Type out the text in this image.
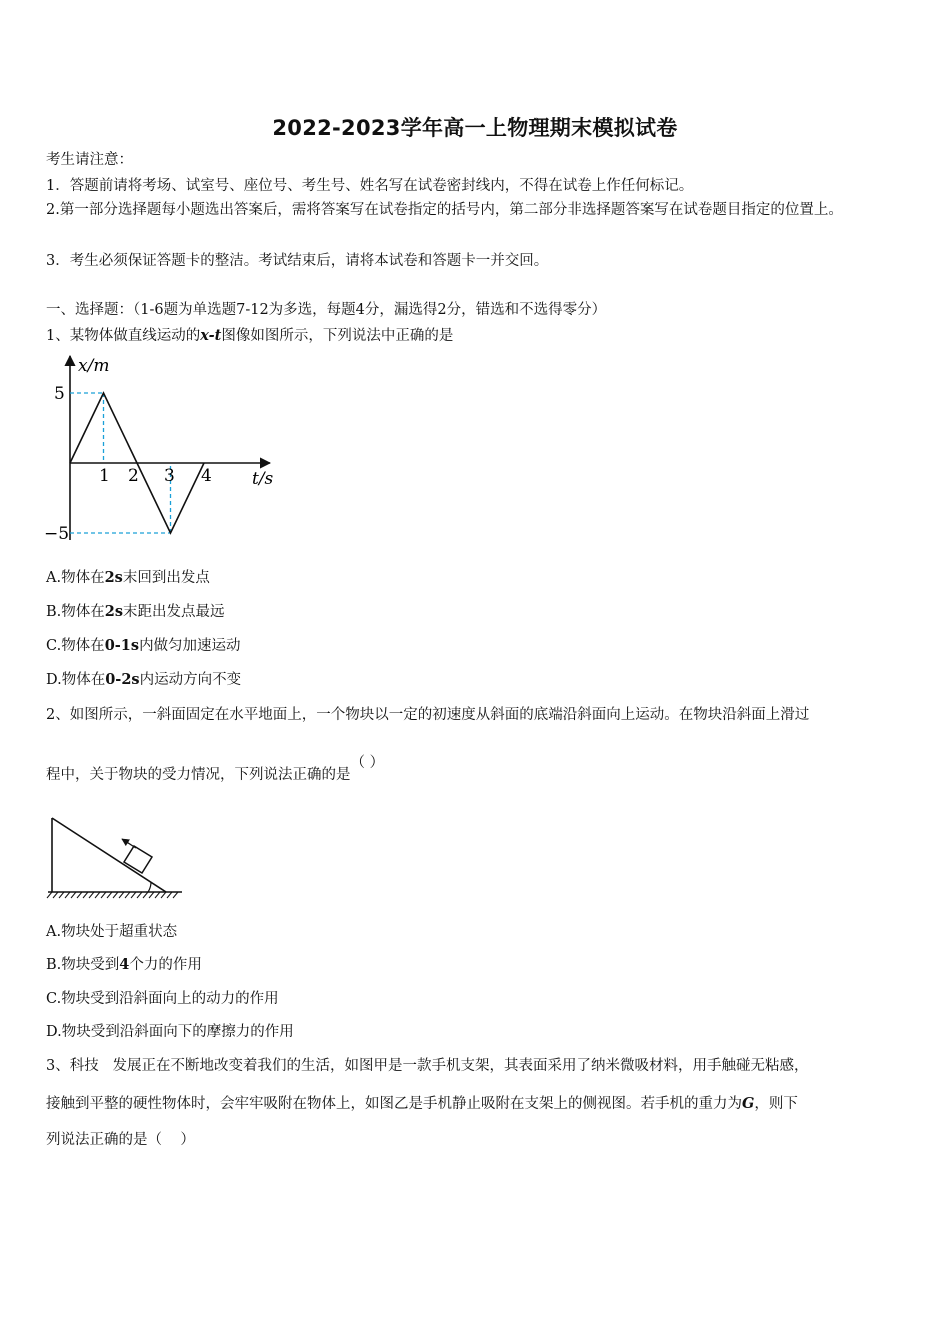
2022-2023学年高一上物理期末模拟试卷
考生请注意：
1．答题前请将考场、试室号、座位号、考生号、姓名写在试卷密封线内，不得在试卷上作任何标记。
2.第一部分选择题每小题选出答案后，需将答案写在试卷指定的括号内，第二部分非选择题答案写在试卷题目指定的位置上。
3．考生必须保证答题卡的整洁。考试结束后，请将本试卷和答题卡一并交回。
一、选择题：（1-6题为单选题7-12为多选，每题4分，漏选得2分，错选和不选得零分）
1、某物体做直线运动的x-t图像如图所示，下列说法中正确的是
x/m
t/s
5
−5
1 2 3 4
A.物体在2s末回到出发点
B.物体在2s末距出发点最远
C.物体在0-1s内做匀加速运动
D.物体在0-2s内运动方向不变
2、如图所示，一斜面固定在水平地面上，一个物块以一定的初速度从斜面的底端沿斜面向上运动。在物块沿斜面上滑过
程中，关于物块的受力情况，下列说法正确的是（ ）
A.物块处于超重状态
B.物块受到4个力的作用
C.物块受到沿斜面向上的动力的作用
D.物块受到沿斜面向下的摩擦力的作用
3、科技   发展正在不断地改变着我们的生活，如图甲是一款手机支架，其表面采用了纳米微吸材料，用手触碰无粘感，
接触到平整的硬性物体时，会牢牢吸附在物体上，如图乙是手机静止吸附在支架上的侧视图。若手机的重力为G，则下
列说法正确的是（    ）
